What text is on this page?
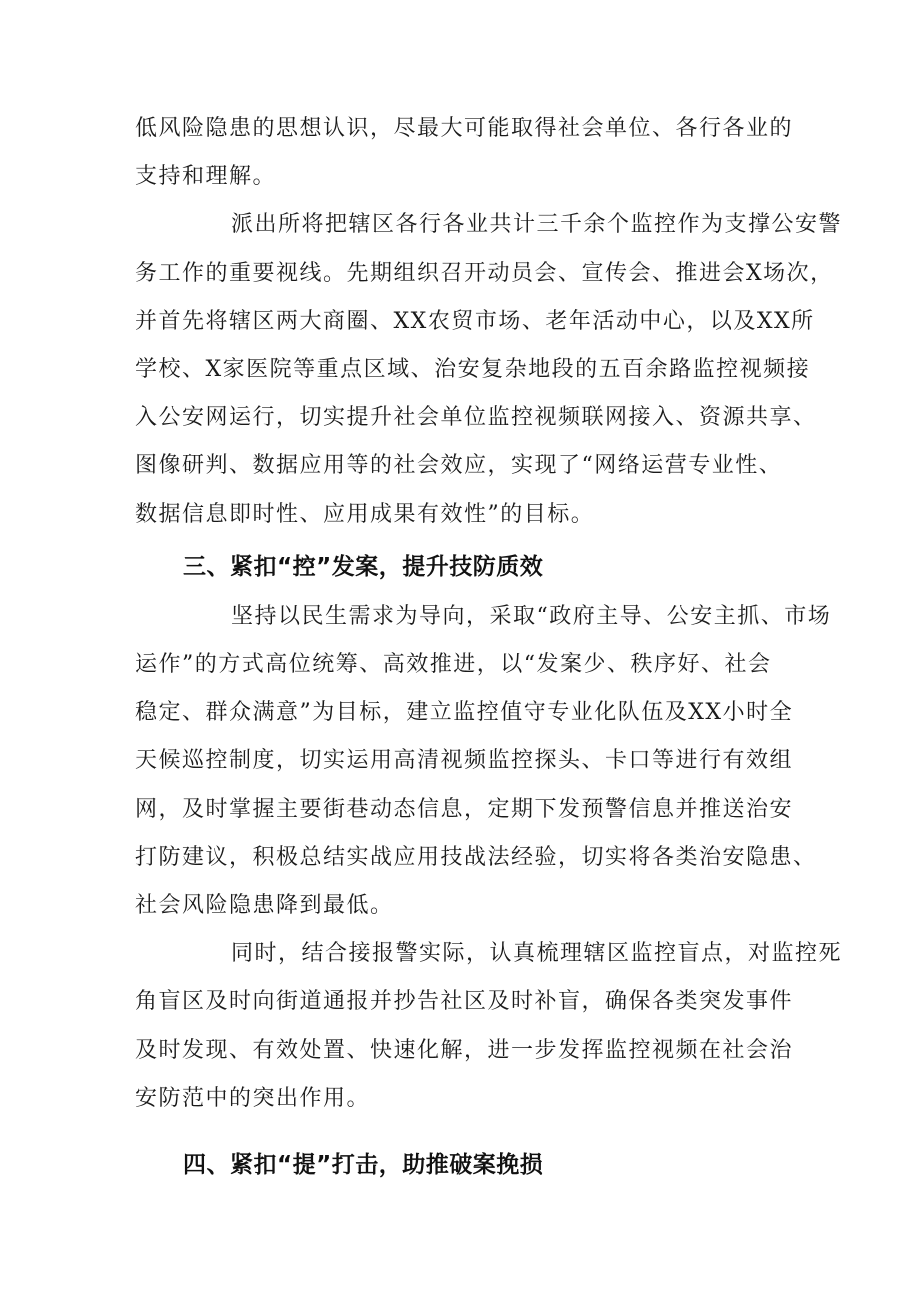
低风险隐患的思想认识，尽最大可能取得社会单位、各行各业的
支持和理解。

派出所将把辖区各行各业共计三千余个监控作为支撑公安警
务工作的重要视线。先期组织召开动员会、宣传会、推进会X场次，
并首先将辖区两大商圈、XX农贸市场、老年活动中心，以及XX所
学校、X家医院等重点区域、治安复杂地段的五百余路监控视频接
入公安网运行，切实提升社会单位监控视频联网接入、资源共享、
图像研判、数据应用等的社会效应，实现了“网络运营专业性、
数据信息即时性、应用成果有效性”的目标。

三、紧扣“控”发案，提升技防质效

坚持以民生需求为导向，采取“政府主导、公安主抓、市场
运作”的方式高位统筹、高效推进，以“发案少、秩序好、社会
稳定、群众满意”为目标，建立监控值守专业化队伍及XX小时全
天候巡控制度，切实运用高清视频监控探头、卡口等进行有效组
网，及时掌握主要街巷动态信息，定期下发预警信息并推送治安
打防建议，积极总结实战应用技战法经验，切实将各类治安隐患、
社会风险隐患降到最低。

同时，结合接报警实际，认真梳理辖区监控盲点，对监控死
角盲区及时向街道通报并抄告社区及时补盲，确保各类突发事件
及时发现、有效处置、快速化解，进一步发挥监控视频在社会治
安防范中的突出作用。

四、紧扣“提”打击，助推破案挽损
